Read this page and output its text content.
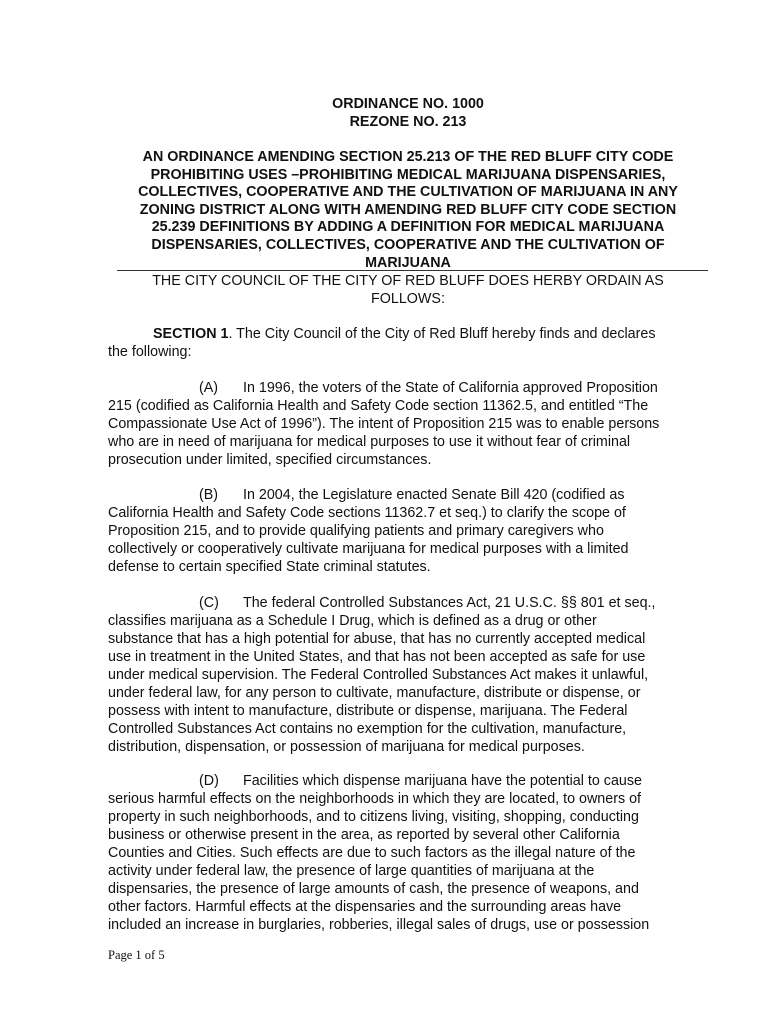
ORDINANCE NO. 1000
REZONE NO. 213
AN ORDINANCE AMENDING SECTION 25.213 OF THE RED BLUFF CITY CODE
PROHIBITING USES –PROHIBITING MEDICAL MARIJUANA DISPENSARIES,
COLLECTIVES, COOPERATIVE AND THE CULTIVATION OF MARIJUANA IN ANY
ZONING DISTRICT ALONG WITH AMENDING RED BLUFF CITY CODE SECTION
25.239 DEFINITIONS BY ADDING A DEFINITION FOR MEDICAL MARIJUANA
DISPENSARIES, COLLECTIVES, COOPERATIVE AND THE CULTIVATION OF
MARIJUANA
THE CITY COUNCIL OF THE CITY OF RED BLUFF DOES HERBY ORDAIN AS
FOLLOWS:
SECTION 1. The City Council of the City of Red Bluff hereby finds and declares
the following:
(A) In 1996, the voters of the State of California approved Proposition
215 (codified as California Health and Safety Code section 11362.5, and entitled “The
Compassionate Use Act of 1996”). The intent of Proposition 215 was to enable persons
who are in need of marijuana for medical purposes to use it without fear of criminal
prosecution under limited, specified circumstances.
(B) In 2004, the Legislature enacted Senate Bill 420 (codified as
California Health and Safety Code sections 11362.7 et seq.) to clarify the scope of
Proposition 215, and to provide qualifying patients and primary caregivers who
collectively or cooperatively cultivate marijuana for medical purposes with a limited
defense to certain specified State criminal statutes.
(C) The federal Controlled Substances Act, 21 U.S.C. §§ 801 et seq.,
classifies marijuana as a Schedule I Drug, which is defined as a drug or other
substance that has a high potential for abuse, that has no currently accepted medical
use in treatment in the United States, and that has not been accepted as safe for use
under medical supervision. The Federal Controlled Substances Act makes it unlawful,
under federal law, for any person to cultivate, manufacture, distribute or dispense, or
possess with intent to manufacture, distribute or dispense, marijuana. The Federal
Controlled Substances Act contains no exemption for the cultivation, manufacture,
distribution, dispensation, or possession of marijuana for medical purposes.
(D) Facilities which dispense marijuana have the potential to cause
serious harmful effects on the neighborhoods in which they are located, to owners of
property in such neighborhoods, and to citizens living, visiting, shopping, conducting
business or otherwise present in the area, as reported by several other California
Counties and Cities. Such effects are due to such factors as the illegal nature of the
activity under federal law, the presence of large quantities of marijuana at the
dispensaries, the presence of large amounts of cash, the presence of weapons, and
other factors. Harmful effects at the dispensaries and the surrounding areas have
included an increase in burglaries, robberies, illegal sales of drugs, use or possession
Page 1 of 5
